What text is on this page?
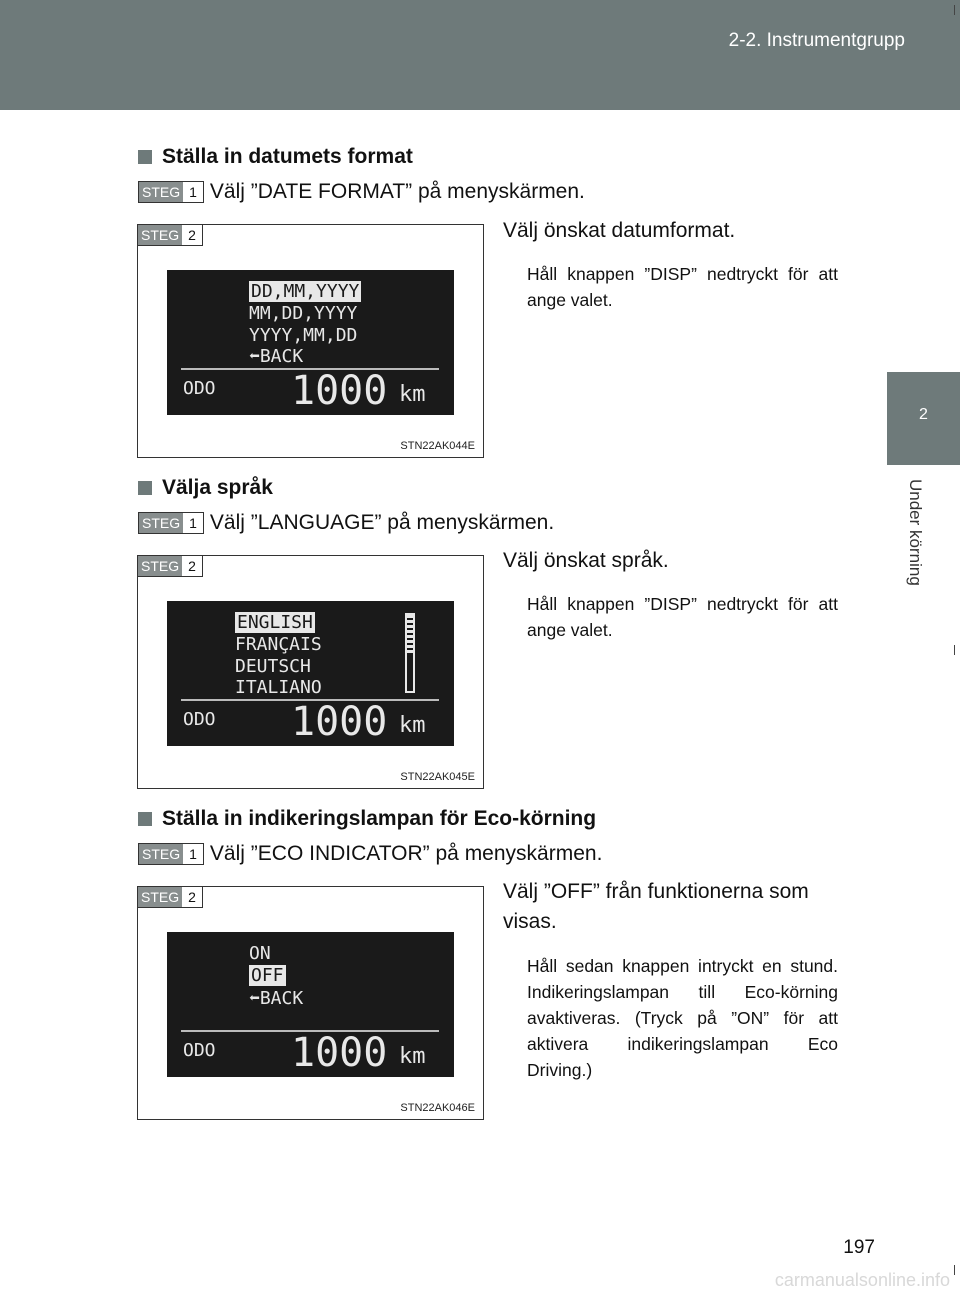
2-2. Instrumentgrupp
2
Under körning
Ställa in datumets format
STEG 1 Välj ”DATE FORMAT” på menyskärmen.
STEG 2
DD,MM,YYYY
MM,DD,YYYY
YYYY,MM,DD
⬅BACK
ODO 1000 km
STN22AK044E
Välj önskat datumformat.
Håll knappen ”DISP” nedtryckt för att ange valet.
Välja språk
STEG 1 Välj ”LANGUAGE” på menyskärmen.
STEG 2
ENGLISH
FRANÇAIS
DEUTSCH
ITALIANO
ODO 1000 km
STN22AK045E
Välj önskat språk.
Håll knappen ”DISP” nedtryckt för att ange valet.
Ställa in indikeringslampan för Eco-körning
STEG 1 Välj ”ECO INDICATOR” på menyskärmen.
STEG 2
ON
OFF
⬅BACK
ODO 1000 km
STN22AK046E
Välj ”OFF” från funktionerna som visas.
Håll sedan knappen intryckt en stund. Indikeringslampan till Eco-körning avaktiveras. (Tryck på ”ON” för att aktivera indikeringslampan Eco Driving.)
197
carmanualsonline.info
